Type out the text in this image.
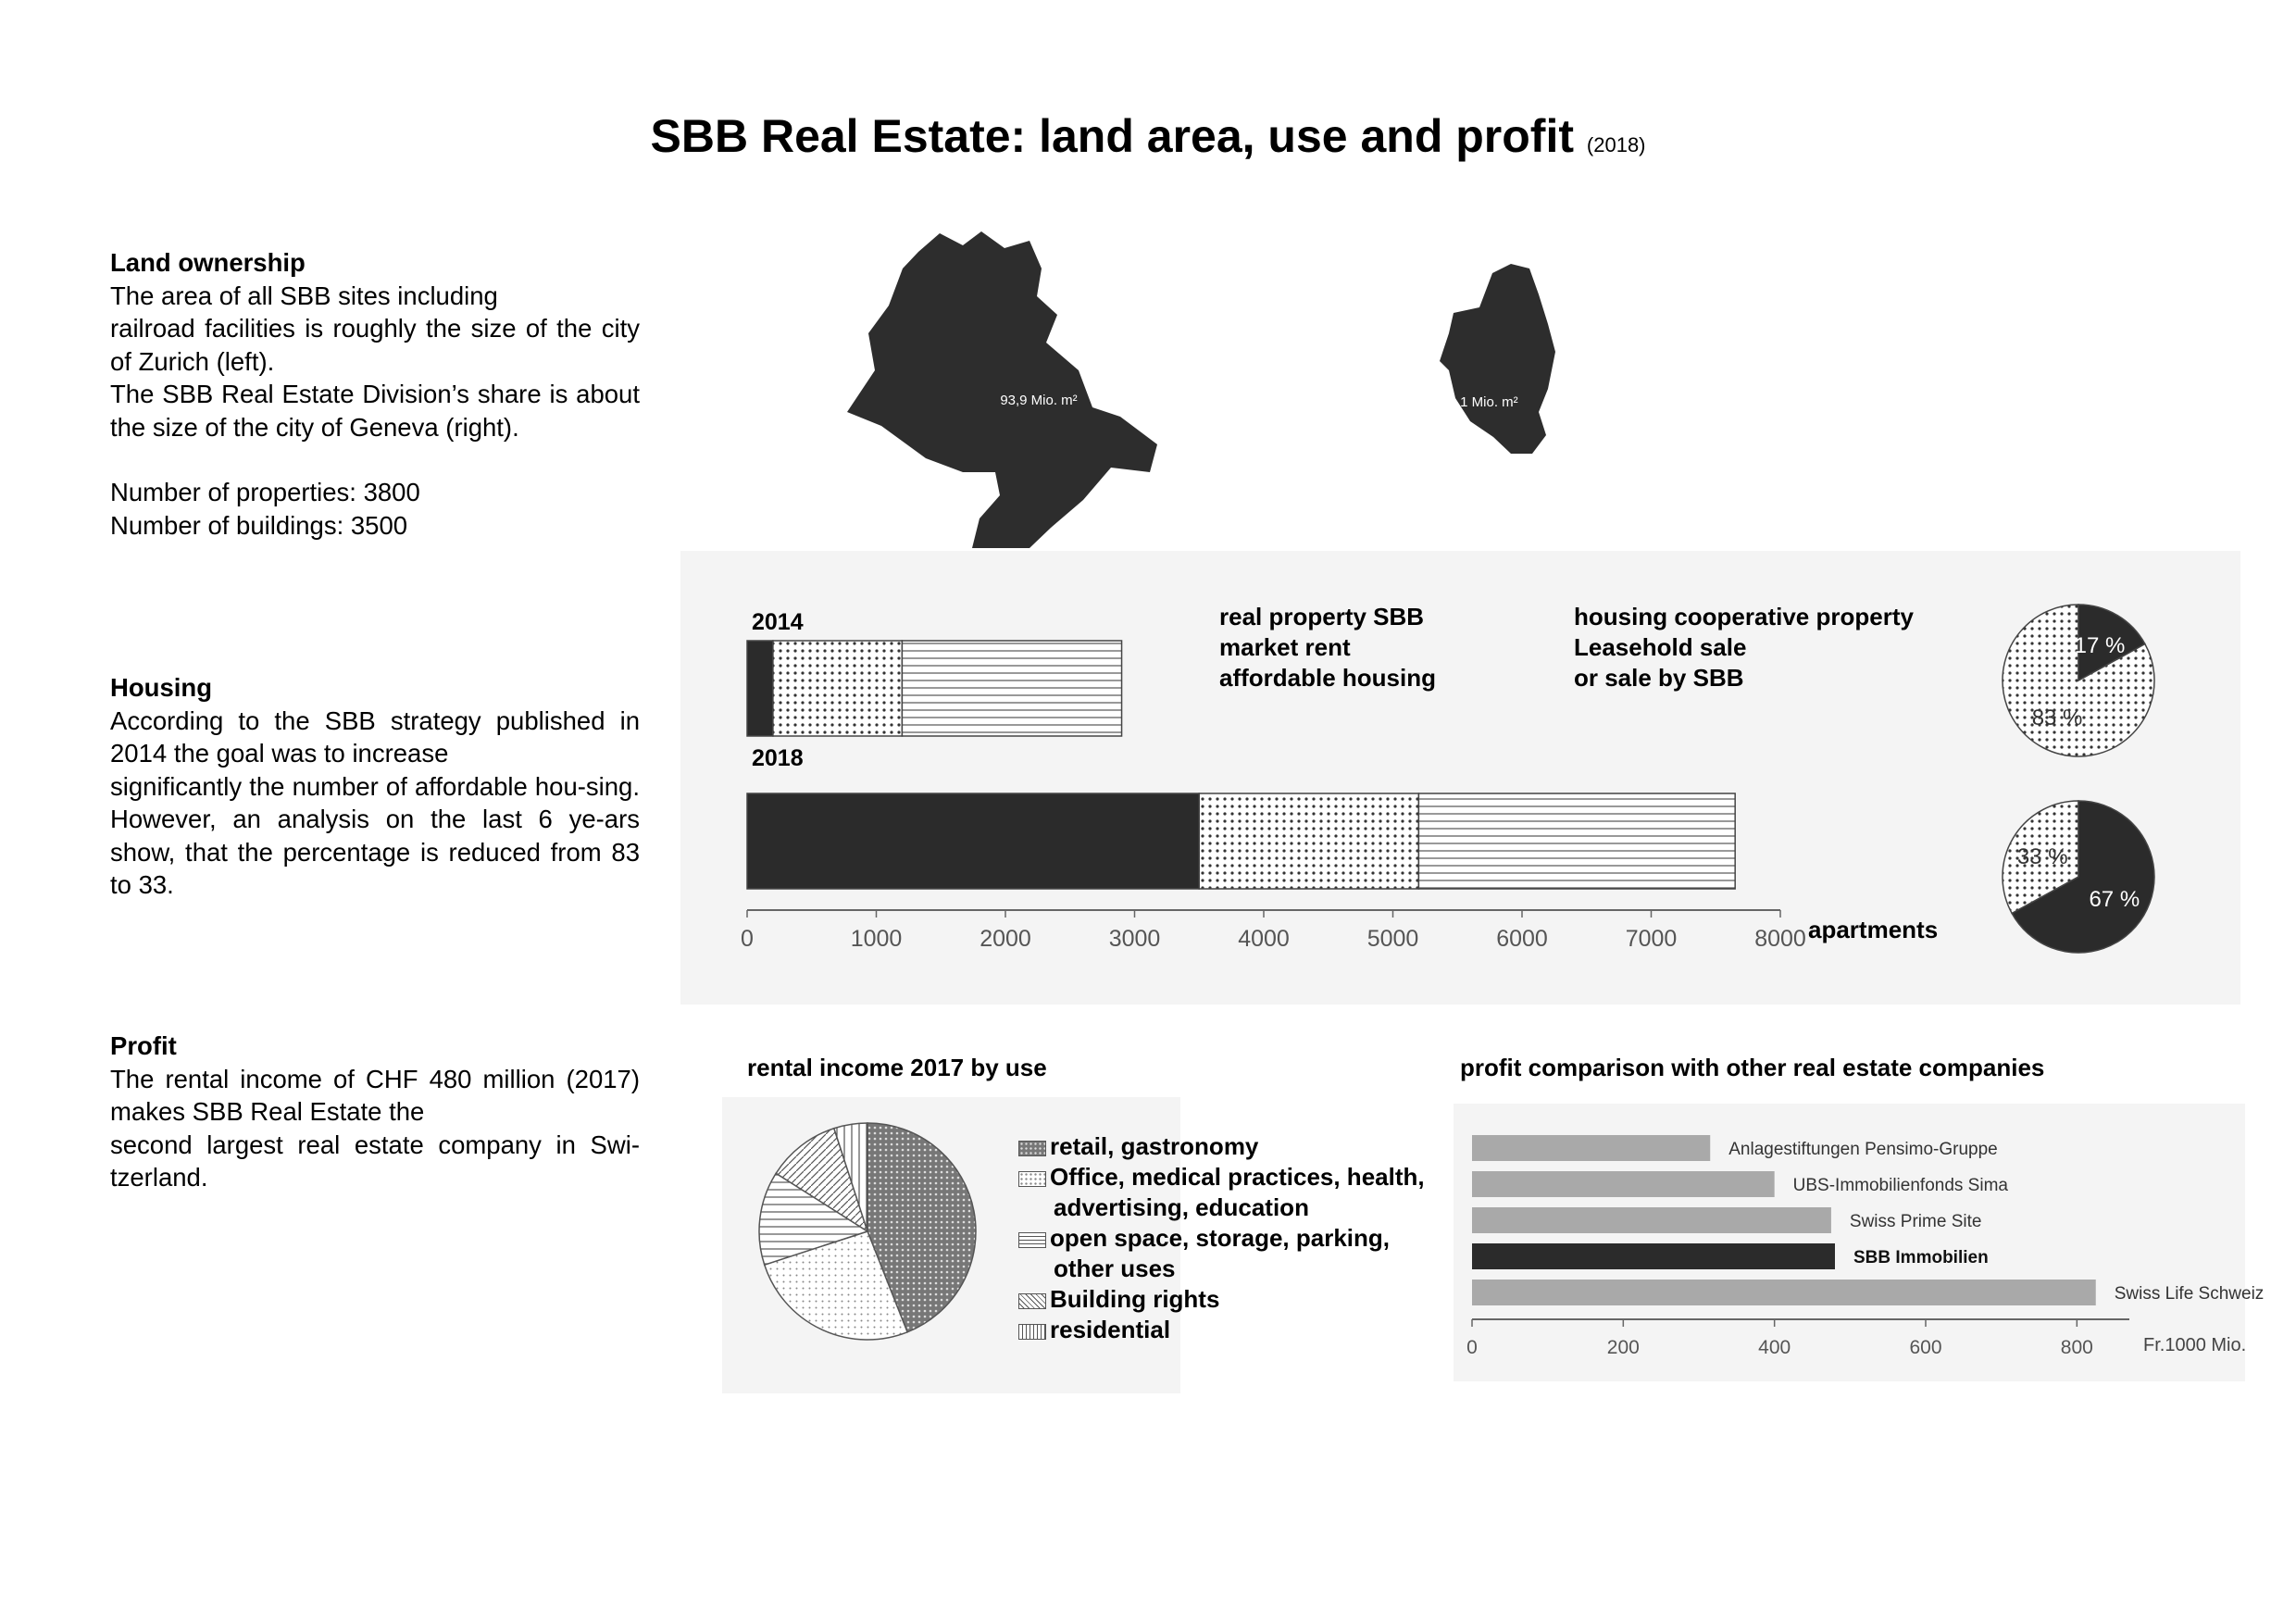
SBB Real Estate: land area, use and profit (2018)
Land ownership

The area of all SBB sites including
railroad facilities is roughly the size of the city of Zurich (left).
The SBB Real Estate Division’s share is about the size of the city of Geneva (right).

Number of properties: 3800
Number of buildings: 3500

Housing

According to the SBB strategy published in 2014 the goal was to increase
significantly the number of affordable hou-sing. However, an analysis on the last 6 ye-ars show, that the percentage is reduced from 83 to 33.

Profit

The rental income of CHF 480 million (2017) makes SBB Real Estate the
second largest real estate company in Swi-tzerland.

93,9 Mio. m²	13,1 Mio. m²
2014
2018
0	1000	2000	3000	4000	5000	6000	7000	8000 apartments
83 %
17 %
33 %
67 %
real property SBB
market rent
affordable housing
housing cooperative property
Leasehold sale
or sale by SBB
rental income 2017 by use
retail, gastronomy
Office, medical practices, health,
advertising, education
open space, storage, parking,
other uses
Building rights
residential
profit comparison with other real estate companies
Anlagestiftungen Pensimo-Gruppe
UBS-Immobilienfonds Sima
Swiss Prime Site
SBB Immobilien
Swiss Life Schweiz
0	200	400	600	800	Fr.1000 Mio.
